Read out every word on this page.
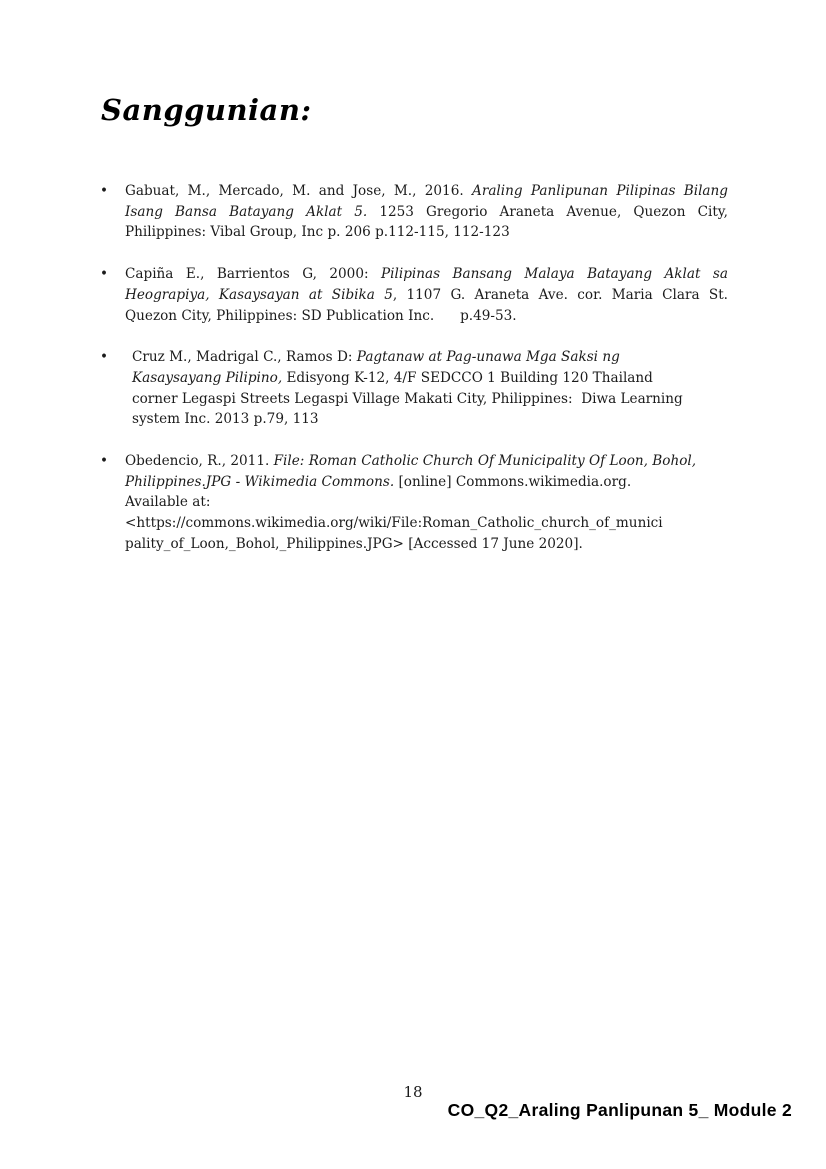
Sanggunian:
•	Gabuat, M., Mercado, M. and Jose, M., 2016. Araling Panlipunan Pilipinas Bilang
Isang Bansa Batayang Aklat 5. 1253 Gregorio Araneta Avenue, Quezon City,
Philippines: Vibal Group, Inc p. 206 p.112-115, 112-123
•	Capiña E., Barrientos G, 2000: Pilipinas Bansang Malaya Batayang Aklat sa
Heograpiya, Kasaysayan at Sibika 5, 1107 G. Araneta Ave. cor. Maria Clara St.
Quezon City, Philippines: SD Publication Inc.      p.49-53.
•	Cruz M., Madrigal C., Ramos D: Pagtanaw at Pag-unawa Mga Saksi ng
Kasaysayang Pilipino, Edisyong K-12, 4/F SEDCCO 1 Building 120 Thailand
corner Legaspi Streets Legaspi Village Makati City, Philippines:  Diwa Learning
system Inc. 2013 p.79, 113
•	Obedencio, R., 2011. File: Roman Catholic Church Of Municipality Of Loon, Bohol,
Philippines.JPG - Wikimedia Commons. [online] Commons.wikimedia.org.
Available at:
<https://commons.wikimedia.org/wiki/File:Roman_Catholic_church_of_munici
pality_of_Loon,_Bohol,_Philippines.JPG> [Accessed 17 June 2020].
18
CO_Q2_Araling Panlipunan 5_ Module 2
